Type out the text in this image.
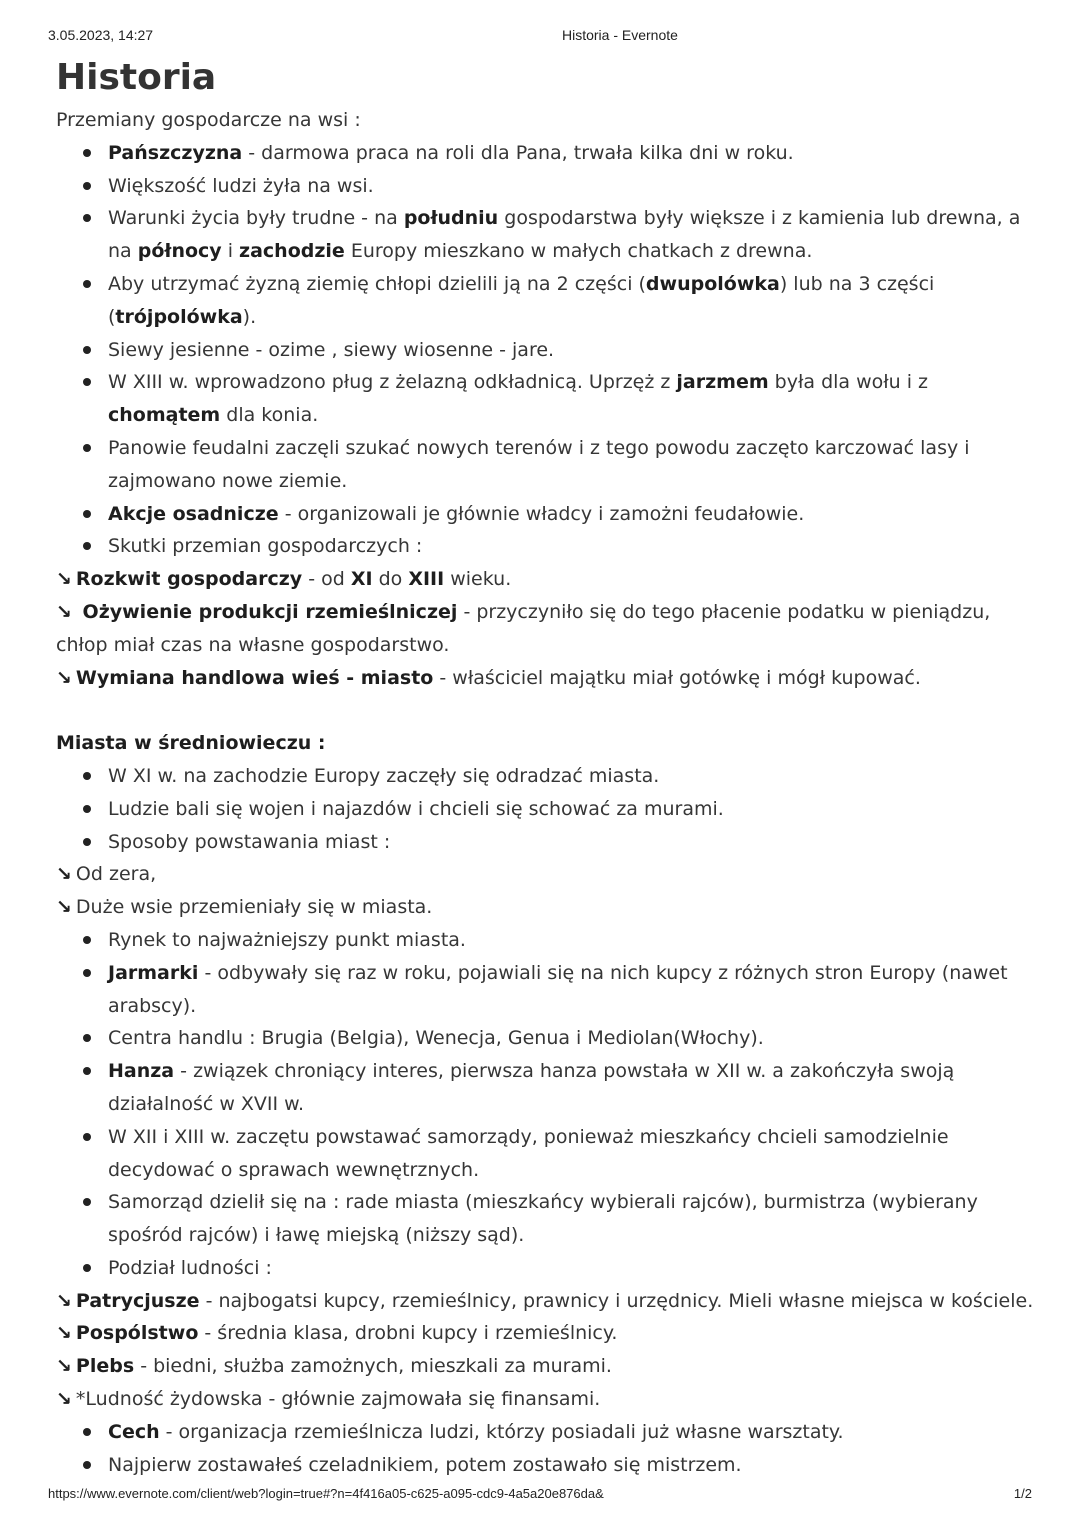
3.05.2023, 14:27	Historia - Evernote
Historia

Przemiany gospodarcze na wsi :

Pańszczyzna - darmowa praca na roli dla Pana, trwała kilka dni w roku.
Większość ludzi żyła na wsi.
Warunki życia były trudne - na południu gospodarstwa były większe i z kamienia lub drewna, a na północy i zachodzie Europy mieszkano w małych chatkach z drewna.
Aby utrzymać żyzną ziemię chłopi dzielili ją na 2 części (dwupolówka) lub na 3 części (trójpolówka).
Siewy jesienne - ozime , siewy wiosenne - jare.
W XIII w. wprowadzono pług z żelazną odkładnicą. Uprzęż z jarzmem była dla wołu i z chomątem dla konia.
Panowie feudalni zaczęli szukać nowych terenów i z tego powodu zaczęto karczować lasy i zajmowano nowe ziemie.
Akcje osadnicze - organizowali je głównie władcy i zamożni feudałowie.
Skutki przemian gospodarczych :

↘ Rozkwit gospodarczy - od XI do XIII wieku.

↘ Ożywienie produkcji rzemieślniczej - przyczyniło się do tego płacenie podatku w pieniądzu, chłop miał czas na własne gospodarstwo.

↘ Wymiana handlowa wieś - miasto - właściciel majątku miał gotówkę i mógł kupować.

Miasta w średniowieczu :

W XI w. na zachodzie Europy zaczęły się odradzać miasta.
Ludzie bali się wojen i najazdów i chcieli się schować za murami.
Sposoby powstawania miast :

↘ Od zera,

↘ Duże wsie przemieniały się w miasta.

Rynek to najważniejszy punkt miasta.
Jarmarki - odbywały się raz w roku, pojawiali się na nich kupcy z różnych stron Europy (nawet arabscy).
Centra handlu : Brugia (Belgia), Wenecja, Genua i Mediolan(Włochy).
Hanza - związek chroniący interes, pierwsza hanza powstała w XII w. a zakończyła swoją działalność w XVII w.
W XII i XIII w. zaczętu powstawać samorządy, ponieważ mieszkańcy chcieli samodzielnie decydować o sprawach wewnętrznych.
Samorząd dzielił się na : rade miasta (mieszkańcy wybierali rajców), burmistrza (wybierany spośród rajców) i ławę miejską (niższy sąd).
Podział ludności :

↘ Patrycjusze - najbogatsi kupcy, rzemieślnicy, prawnicy i urzędnicy. Mieli własne miejsca w kościele.

↘ Pospólstwo - średnia klasa, drobni kupcy i rzemieślnicy.

↘ Plebs - biedni, służba zamożnych, mieszkali za murami.

↘ *Ludność żydowska - głównie zajmowała się finansami.

Cech - organizacja rzemieślnicza ludzi, którzy posiadali już własne warsztaty.
Najpierw zostawałeś czeladnikiem, potem zostawało się mistrzem.
https://www.evernote.com/client/web?login=true#?n=4f416a05-c625-a095-cdc9-4a5a20e876da&	1/2
